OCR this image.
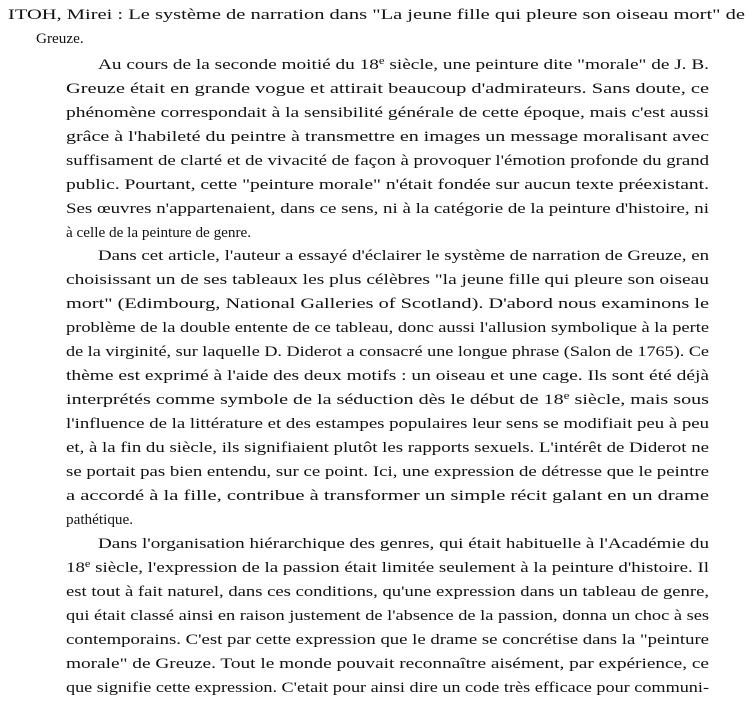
ITOH, Mirei : Le système de narration dans "La jeune fille qui pleure son oiseau mort" de
Greuze.
Au cours de la seconde moitié du 18e siècle, une peinture dite "morale" de J. B.
Greuze était en grande vogue et attirait beaucoup d'admirateurs. Sans doute, ce
phénomène correspondait à la sensibilité générale de cette époque, mais c'est aussi
grâce à l'habileté du peintre à transmettre en images un message moralisant avec
suffisament de clarté et de vivacité de façon à provoquer l'émotion profonde du grand
public. Pourtant, cette "peinture morale" n'était fondée sur aucun texte préexistant.
Ses œuvres n'appartenaient, dans ce sens, ni à la catégorie de la peinture d'histoire, ni
à celle de la peinture de genre.
Dans cet article, l'auteur a essayé d'éclairer le système de narration de Greuze, en
choisissant un de ses tableaux les plus célèbres "la jeune fille qui pleure son oiseau
mort" (Edimbourg, National Galleries of Scotland). D'abord nous examinons le
problème de la double entente de ce tableau, donc aussi l'allusion symbolique à la perte
de la virginité, sur laquelle D. Diderot a consacré une longue phrase (Salon de 1765). Ce
thème est exprimé à l'aide des deux motifs : un oiseau et une cage. Ils sont été déjà
interprétés comme symbole de la séduction dès le début de 18e siècle, mais sous
l'influence de la littérature et des estampes populaires leur sens se modifiait peu à peu
et, à la fin du siècle, ils signifiaient plutôt les rapports sexuels. L'intérêt de Diderot ne
se portait pas bien entendu, sur ce point. Ici, une expression de détresse que le peintre
a accordé à la fille, contribue à transformer un simple récit galant en un drame
pathétique.
Dans l'organisation hiérarchique des genres, qui était habituelle à l'Académie du
18e siècle, l'expression de la passion était limitée seulement à la peinture d'histoire. Il
est tout à fait naturel, dans ces conditions, qu'une expression dans un tableau de genre,
qui était classé ainsi en raison justement de l'absence de la passion, donna un choc à ses
contemporains. C'est par cette expression que le drame se concrétise dans la "peinture
morale" de Greuze. Tout le monde pouvait reconnaître aisément, par expérience, ce
que signifie cette expression. C'etait pour ainsi dire un code très efficace pour communi-
